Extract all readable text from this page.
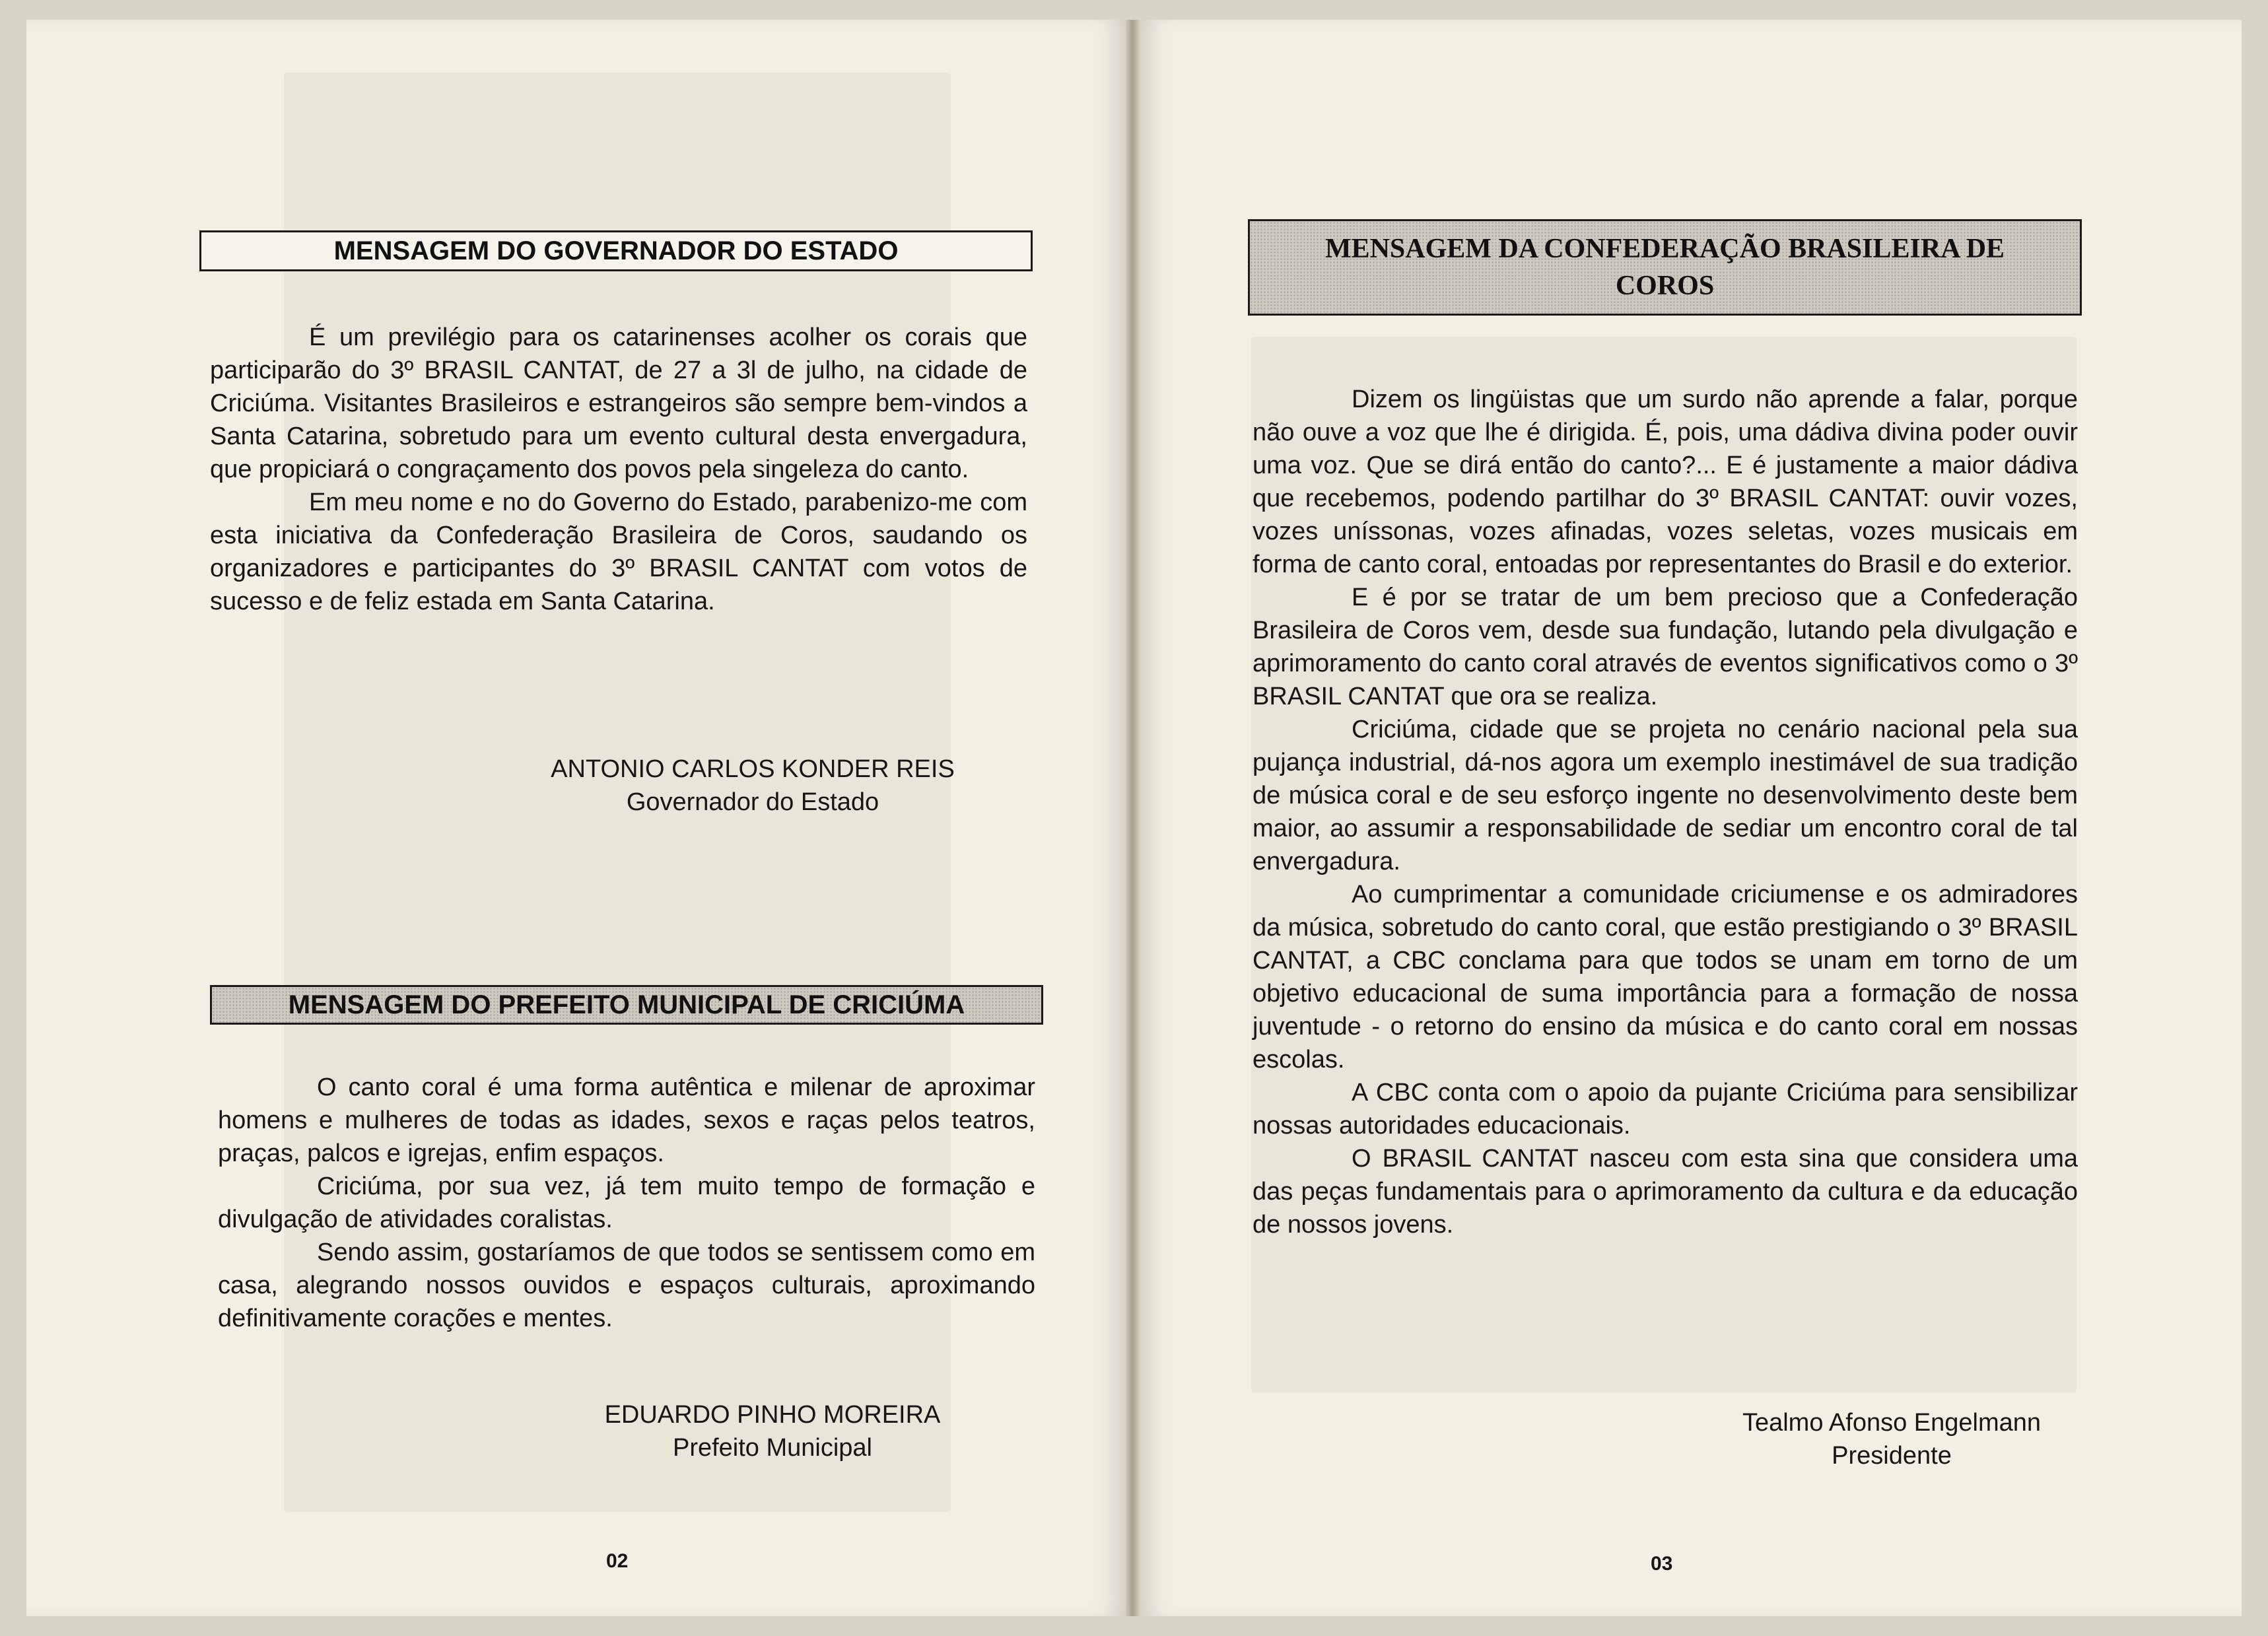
MENSAGEM DO GOVERNADOR DO ESTADO

É um previlégio para os catarinenses acolher os corais que participarão do 3º BRASIL CANTAT, de 27 a 3l de julho, na cidade de Criciúma. Visitantes Brasileiros e estrangeiros são sempre bem-vindos a Santa Catarina, sobretudo para um evento cultural desta envergadura, que propiciará o congraçamento dos povos pela singeleza do canto.

Em meu nome e no do Governo do Estado, parabenizo-me com esta iniciativa da Confederação Brasileira de Coros, saudando os organizadores e participantes do 3º BRASIL CANTAT com votos de sucesso e de feliz estada em Santa Catarina.

ANTONIO CARLOS KONDER REIS
Governador do Estado
MENSAGEM DO PREFEITO MUNICIPAL DE CRICIÚMA

O canto coral é uma forma autêntica e milenar de aproximar homens e mulheres de todas as idades, sexos e raças pelos teatros, praças, palcos e igrejas, enfim espaços.

Criciúma, por sua vez, já tem muito tempo de formação e divulgação de atividades coralistas.

Sendo assim, gostaríamos de que todos se sentissem como em casa, alegrando nossos ouvidos e espaços culturais, aproximando definitivamente corações e mentes.

EDUARDO PINHO MOREIRA
Prefeito Municipal
02
MENSAGEM DA CONFEDERAÇÃO BRASILEIRA DE
COROS

Dizem os lingüistas que um surdo não aprende a falar, porque não ouve a voz que lhe é dirigida. É, pois, uma dádiva divina poder ouvir uma voz. Que se dirá então do canto?... E é justamente a maior dádiva que recebemos, podendo partilhar do 3º BRASIL CANTAT: ouvir vozes, vozes uníssonas, vozes afinadas, vozes seletas, vozes musicais em forma de canto coral, entoadas por representantes do Brasil e do exterior.

E é por se tratar de um bem precioso que a Confederação Brasileira de Coros vem, desde sua fundação, lutando pela divulgação e aprimoramento do canto coral através de eventos significativos como o 3º BRASIL CANTAT que ora se realiza.

Criciúma, cidade que se projeta no cenário nacional pela sua pujança industrial, dá-nos agora um exemplo inestimável de sua tradição de música coral e de seu esforço ingente no desenvolvimento deste bem maior, ao assumir a responsabilidade de sediar um encontro coral de tal envergadura.

Ao cumprimentar a comunidade criciumense e os admiradores da música, sobretudo do canto coral, que estão prestigiando o 3º BRASIL CANTAT, a CBC conclama para que todos se unam em torno de um objetivo educacional de suma importância para a formação de nossa juventude - o retorno do ensino da música e do canto coral em nossas escolas.

A CBC conta com o apoio da pujante Criciúma para sensibilizar nossas autoridades educacionais.

O BRASIL CANTAT nasceu com esta sina que considera uma das peças fundamentais para o aprimoramento da cultura e da educação de nossos jovens.

Tealmo Afonso Engelmann
Presidente
03
